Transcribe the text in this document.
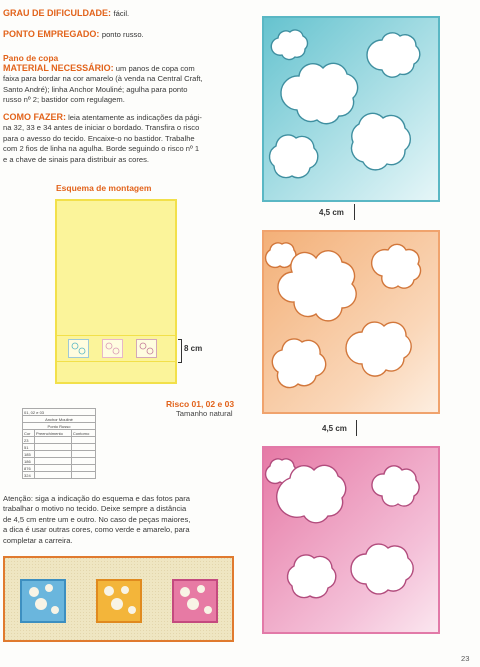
GRAU DE DIFICULDADE: fácil.
PONTO EMPREGADO: ponto russo.
Pano de copa
MATERIAL NECESSÁRIO: um panos de copa com
faixa para bordar na cor amarelo (à venda na Central Craft,
Santo André); linha Anchor Mouliné; agulha para ponto
russo nº 2; bastidor com regulagem.
COMO FAZER: leia atentamente as indicações da pági-
na 32, 33 e 34 antes de iniciar o bordado. Transfira o risco
para o avesso do tecido. Encaixe-o no bastidor. Trabalhe
com 2 fios de linha na agulha. Borde seguindo o risco nº 1
e a chave de sinais para distribuir as cores.
Esquema de montagem
8 cm
01, 02 e 03		
Anchor Mouliné		
Ponto Russo		
Cor	Preenchimento	Contorno
23		
51		
185		
186		
876		
324		
Risco 01, 02 e 03
Tamanho natural
Atenção: siga a indicação do esquema e das fotos para
trabalhar o motivo no tecido. Deixe sempre a distância
de 4,5 cm entre um e outro. No caso de peças maiores,
a dica é usar outras cores, como verde e amarelo, para
completar a carreira.
4,5 cm
4,5 cm
23
